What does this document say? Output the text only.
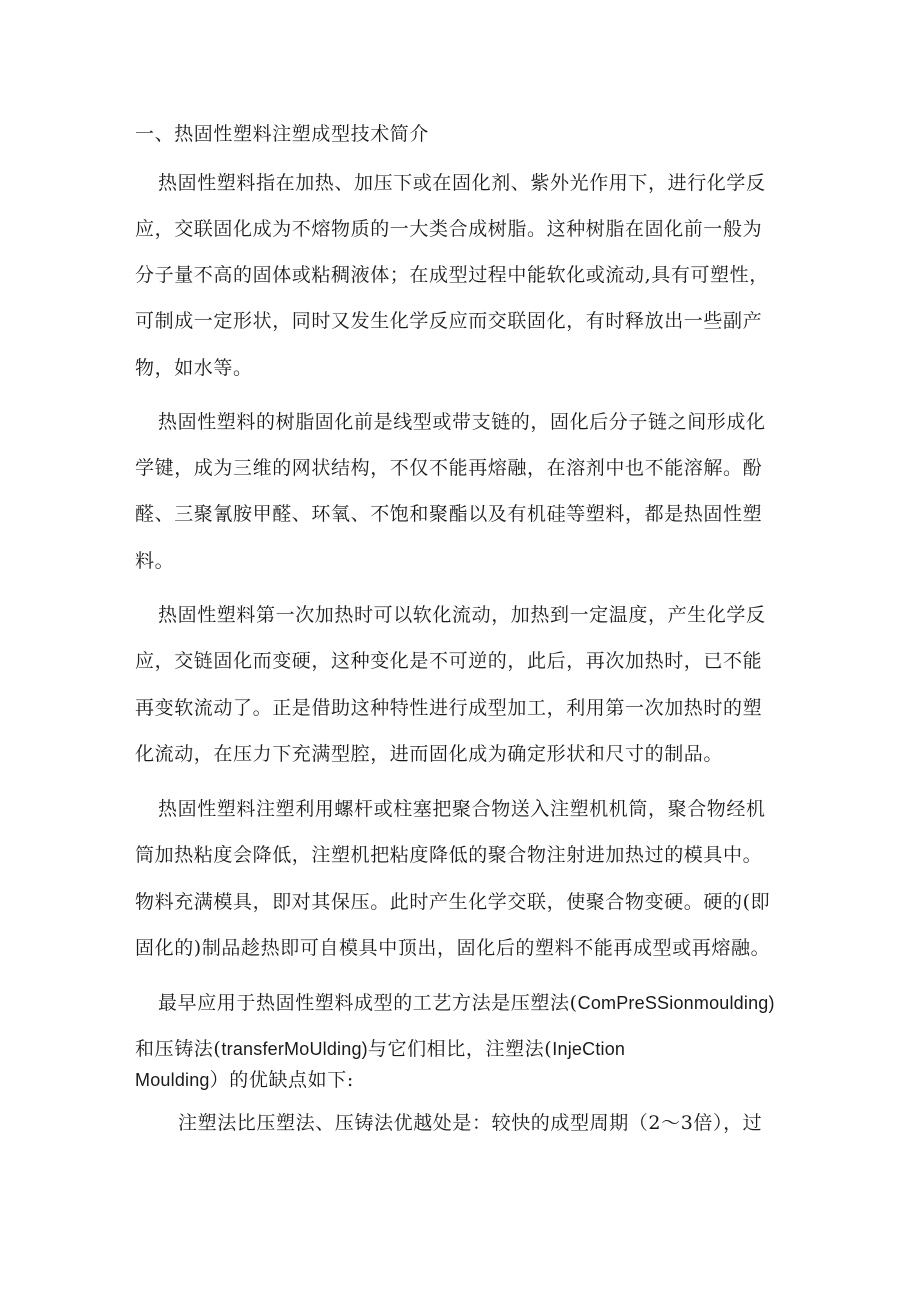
一、热固性塑料注塑成型技术简介
热固性塑料指在加热、加压下或在固化剂、紫外光作用下，进行化学反
应，交联固化成为不熔物质的一大类合成树脂。这种树脂在固化前一般为
分子量不高的固体或粘稠液体；在成型过程中能软化或流动,具有可塑性，
可制成一定形状，同时又发生化学反应而交联固化，有时释放出一些副产
物，如水等。
热固性塑料的树脂固化前是线型或带支链的，固化后分子链之间形成化
学键，成为三维的网状结构，不仅不能再熔融，在溶剂中也不能溶解。酚
醛、三聚氰胺甲醛、环氧、不饱和聚酯以及有机硅等塑料，都是热固性塑
料。
热固性塑料第一次加热时可以软化流动，加热到一定温度，产生化学反
应，交链固化而变硬，这种变化是不可逆的，此后，再次加热时，已不能
再变软流动了。正是借助这种特性进行成型加工，利用第一次加热时的塑
化流动，在压力下充满型腔，进而固化成为确定形状和尺寸的制品。
热固性塑料注塑利用螺杆或柱塞把聚合物送入注塑机机筒，聚合物经机
筒加热粘度会降低，注塑机把粘度降低的聚合物注射进加热过的模具中。
物料充满模具，即对其保压。此时产生化学交联，使聚合物变硬。硬的(即
固化的)制品趁热即可自模具中顶出，固化后的塑料不能再成型或再熔融。
最早应用于热固性塑料成型的工艺方法是压塑法(ComPreSSionmoulding)
和压铸法(transferMoUlding)与它们相比，注塑法(InjeCtion
Moulding）的优缺点如下:
注塑法比压塑法、压铸法优越处是：较快的成型周期（2～3倍），过
